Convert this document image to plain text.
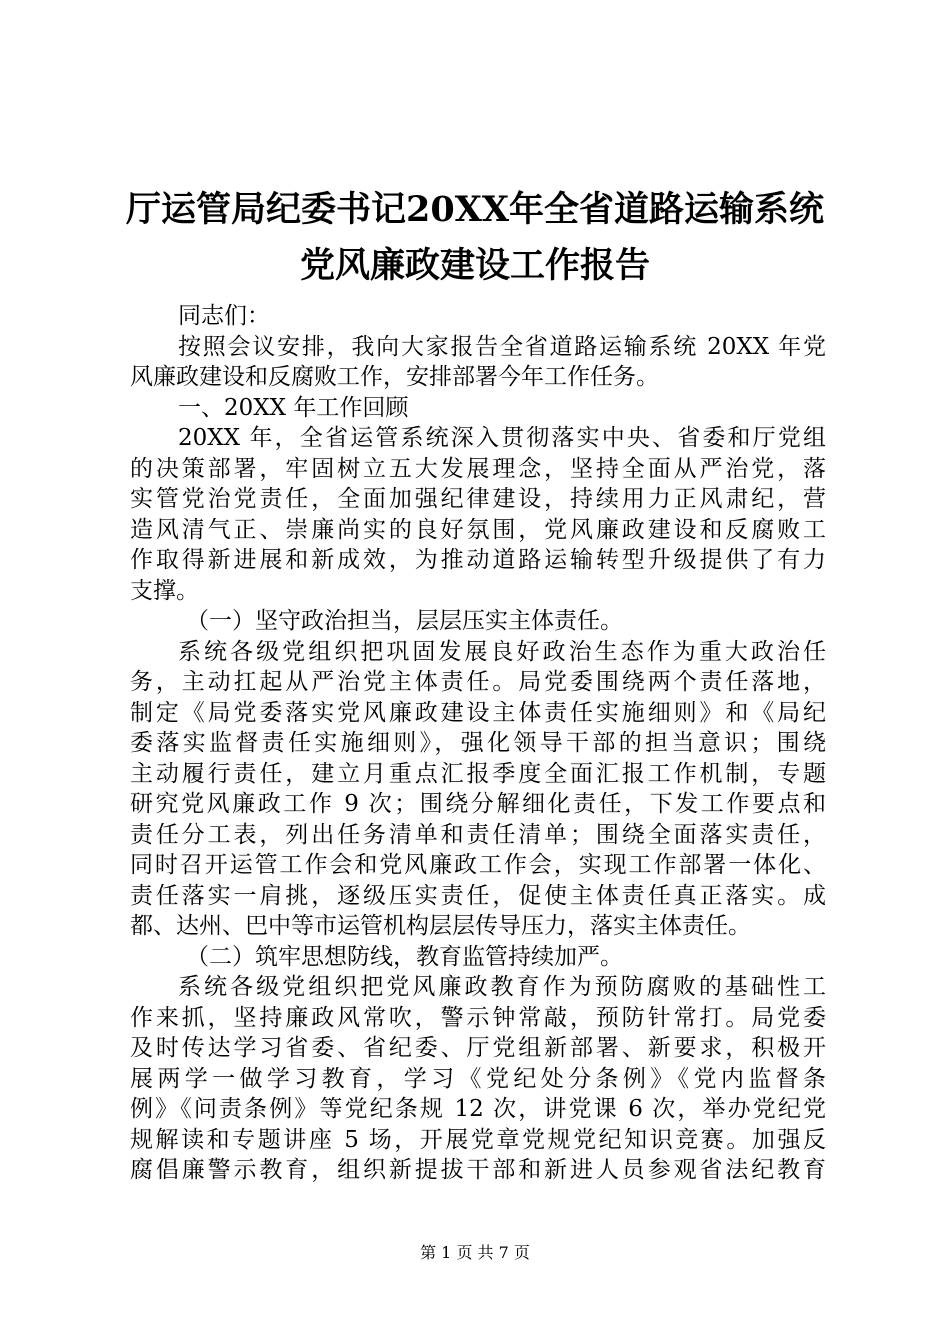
厅运管局纪委书记20XX年全省道路运输系统
党风廉政建设工作报告
同志们：
按照会议安排，我向大家报告全省道路运输系统 20XX 年党
风廉政建设和反腐败工作，安排部署今年工作任务。
一、20XX 年工作回顾
20XX 年，全省运管系统深入贯彻落实中央、省委和厅党组
的决策部署，牢固树立五大发展理念，坚持全面从严治党，落
实管党治党责任，全面加强纪律建设，持续用力正风肃纪，营
造风清气正、崇廉尚实的良好氛围，党风廉政建设和反腐败工
作取得新进展和新成效，为推动道路运输转型升级提供了有力
支撑。
（一）坚守政治担当，层层压实主体责任。
系统各级党组织把巩固发展良好政治生态作为重大政治任
务，主动扛起从严治党主体责任。局党委围绕两个责任落地，
制定《局党委落实党风廉政建设主体责任实施细则》和《局纪
委落实监督责任实施细则》，强化领导干部的担当意识；围绕
主动履行责任，建立月重点汇报季度全面汇报工作机制，专题
研究党风廉政工作 9 次；围绕分解细化责任，下发工作要点和
责任分工表，列出任务清单和责任清单；围绕全面落实责任，
同时召开运管工作会和党风廉政工作会，实现工作部署一体化、
责任落实一肩挑，逐级压实责任，促使主体责任真正落实。成
都、达州、巴中等市运管机构层层传导压力，落实主体责任。
（二）筑牢思想防线，教育监管持续加严。
系统各级党组织把党风廉政教育作为预防腐败的基础性工
作来抓，坚持廉政风常吹，警示钟常敲，预防针常打。局党委
及时传达学习省委、省纪委、厅党组新部署、新要求，积极开
展两学一做学习教育，学习《党纪处分条例》《党内监督条
例》《问责条例》等党纪条规 12 次，讲党课 6 次，举办党纪党
规解读和专题讲座 5 场，开展党章党规党纪知识竞赛。加强反
腐倡廉警示教育，组织新提拔干部和新进人员参观省法纪教育
第 1 页 共 7 页
